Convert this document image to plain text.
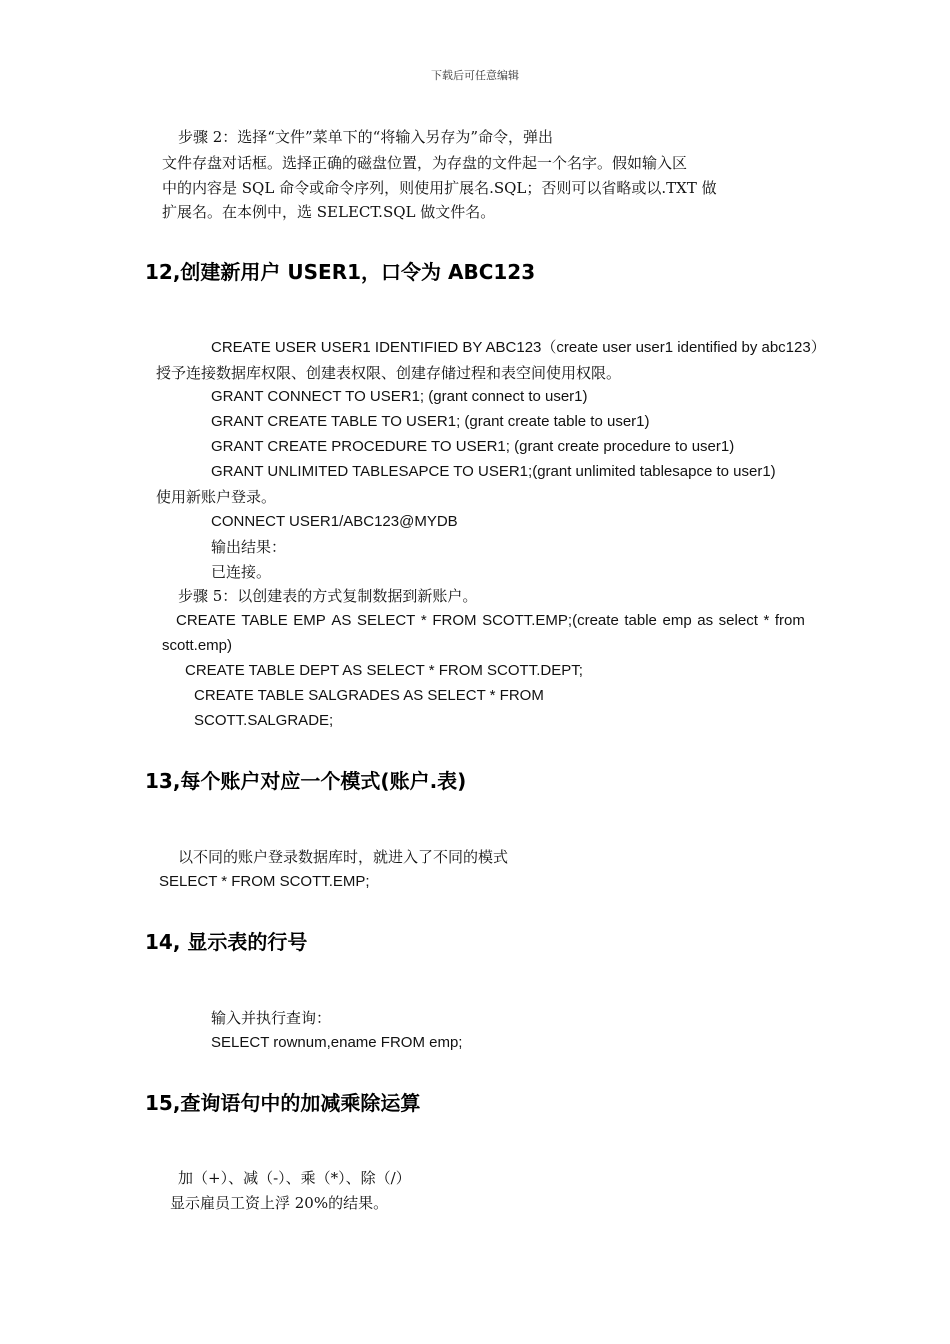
下载后可任意编辑
步骤 2：选择“文件”菜单下的“将输入另存为”命令，弹出
文件存盘对话框。选择正确的磁盘位置，为存盘的文件起一个名字。假如输入区
中的内容是 SQL 命令或命令序列，则使用扩展名.SQL；否则可以省略或以.TXT 做
扩展名。在本例中，选 SELECT.SQL 做文件名。
12,创建新用户 USER1，口令为 ABC123
CREATE USER USER1 IDENTIFIED BY ABC123（create user user1 identified by abc123）
授予连接数据库权限、创建表权限、创建存储过程和表空间使用权限。
GRANT CONNECT TO USER1; (grant connect to user1)
GRANT CREATE TABLE TO USER1; (grant create table to user1)
GRANT CREATE PROCEDURE TO USER1; (grant create procedure to user1)
GRANT UNLIMITED TABLESAPCE TO USER1;(grant unlimited tablesapce to user1)
使用新账户登录。
CONNECT USER1/ABC123@MYDB
输出结果：
已连接。
步骤 5：以创建表的方式复制数据到新账户。
CREATE TABLE EMP AS SELECT * FROM SCOTT.EMP;(create table emp as select * from
scott.emp)
CREATE TABLE DEPT AS SELECT * FROM SCOTT.DEPT;
CREATE TABLE SALGRADES AS SELECT * FROM
SCOTT.SALGRADE;
13,每个账户对应一个模式(账户.表)
以不同的账户登录数据库时，就进入了不同的模式
SELECT * FROM SCOTT.EMP;
14, 显示表的行号
输入并执行查询：
SELECT rownum,ename FROM emp;
15,查询语句中的加减乘除运算
加（+）、减（-）、乘（*）、除（/）
显示雇员工资上浮 20%的结果。
